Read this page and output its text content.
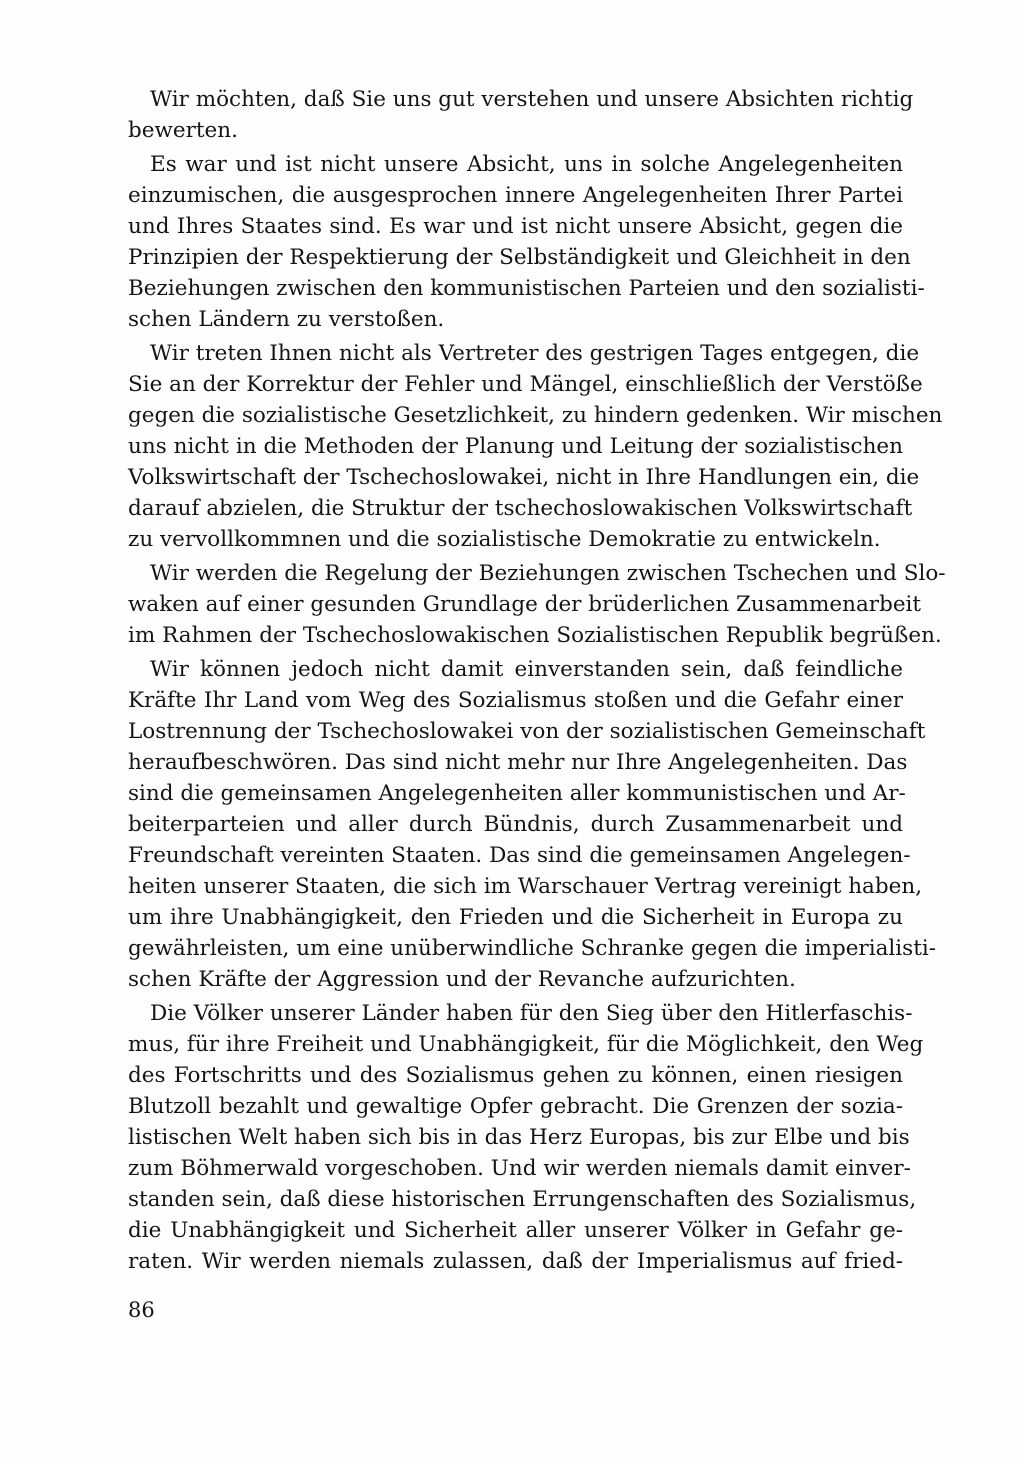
Wir möchten, daß Sie uns gut verstehen und unsere Absichten richtig
bewerten.
Es war und ist nicht unsere Absicht, uns in solche Angelegenheiten
einzumischen, die ausgesprochen innere Angelegenheiten Ihrer Partei
und Ihres Staates sind. Es war und ist nicht unsere Absicht, gegen die
Prinzipien der Respektierung der Selbständigkeit und Gleichheit in den
Beziehungen zwischen den kommunistischen Parteien und den sozialisti-
schen Ländern zu verstoßen.
Wir treten Ihnen nicht als Vertreter des gestrigen Tages entgegen, die
Sie an der Korrektur der Fehler und Mängel, einschließlich der Verstöße
gegen die sozialistische Gesetzlichkeit, zu hindern gedenken. Wir mischen
uns nicht in die Methoden der Planung und Leitung der sozialistischen
Volkswirtschaft der Tschechoslowakei, nicht in Ihre Handlungen ein, die
darauf abzielen, die Struktur der tschechoslowakischen Volkswirtschaft
zu vervollkommnen und die sozialistische Demokratie zu entwickeln.
Wir werden die Regelung der Beziehungen zwischen Tschechen und Slo-
waken auf einer gesunden Grundlage der brüderlichen Zusammenarbeit
im Rahmen der Tschechoslowakischen Sozialistischen Republik begrüßen.
Wir können jedoch nicht damit einverstanden sein, daß feindliche
Kräfte Ihr Land vom Weg des Sozialismus stoßen und die Gefahr einer
Lostrennung der Tschechoslowakei von der sozialistischen Gemeinschaft
heraufbeschwören. Das sind nicht mehr nur Ihre Angelegenheiten. Das
sind die gemeinsamen Angelegenheiten aller kommunistischen und Ar-
beiterparteien und aller durch Bündnis, durch Zusammenarbeit und
Freundschaft vereinten Staaten. Das sind die gemeinsamen Angelegen-
heiten unserer Staaten, die sich im Warschauer Vertrag vereinigt haben,
um ihre Unabhängigkeit, den Frieden und die Sicherheit in Europa zu
gewährleisten, um eine unüberwindliche Schranke gegen die imperialisti-
schen Kräfte der Aggression und der Revanche aufzurichten.
Die Völker unserer Länder haben für den Sieg über den Hitlerfaschis-
mus, für ihre Freiheit und Unabhängigkeit, für die Möglichkeit, den Weg
des Fortschritts und des Sozialismus gehen zu können, einen riesigen
Blutzoll bezahlt und gewaltige Opfer gebracht. Die Grenzen der sozia-
listischen Welt haben sich bis in das Herz Europas, bis zur Elbe und bis
zum Böhmerwald vorgeschoben. Und wir werden niemals damit einver-
standen sein, daß diese historischen Errungenschaften des Sozialismus,
die Unabhängigkeit und Sicherheit aller unserer Völker in Gefahr ge-
raten. Wir werden niemals zulassen, daß der Imperialismus auf fried-
86
